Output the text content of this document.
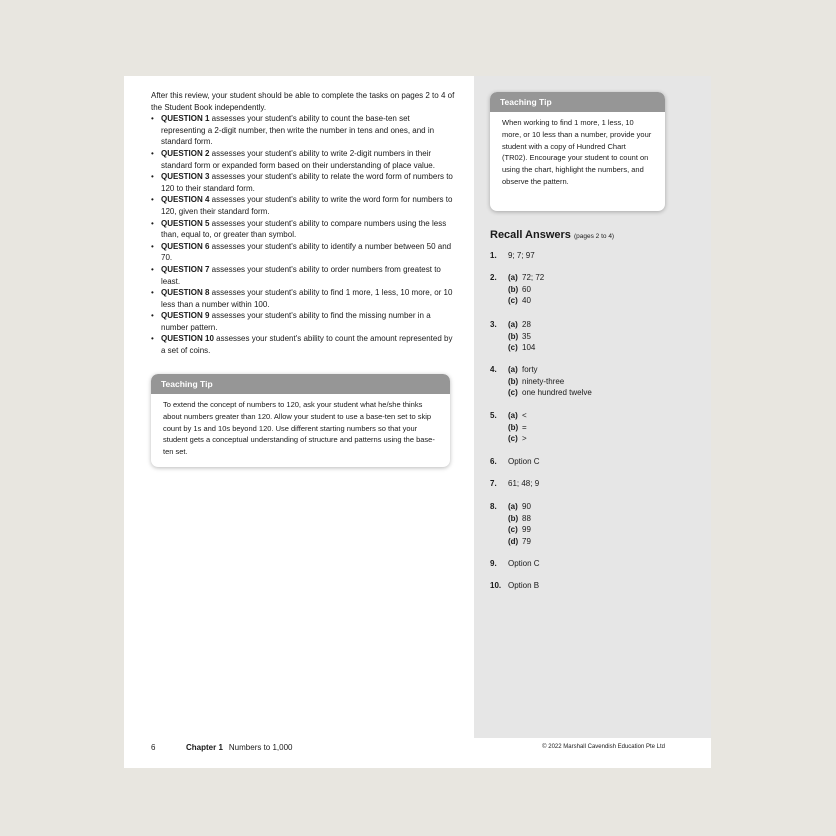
After this review, your student should be able to complete the tasks on pages 2 to 4 of the Student Book independently.

• QUESTION 1 assesses your student's ability to count the base-ten set representing a 2-digit number, then write the number in tens and ones, and in standard form.
• QUESTION 2 assesses your student's ability to write 2-digit numbers in their standard form or expanded form based on their understanding of place value.
• QUESTION 3 assesses your student's ability to relate the word form of numbers to 120 to their standard form.
• QUESTION 4 assesses your student's ability to write the word form for numbers to 120, given their standard form.
• QUESTION 5 assesses your student's ability to compare numbers using the less than, equal to, or greater than symbol.
• QUESTION 6 assesses your student's ability to identify a number between 50 and 70.
• QUESTION 7 assesses your student's ability to order numbers from greatest to least.
• QUESTION 8 assesses your student's ability to find 1 more, 1 less, 10 more, or 10 less than a number within 100.
• QUESTION 9 assesses your student's ability to find the missing number in a number pattern.
• QUESTION 10 assesses your student's ability to count the amount represented by a set of coins.
Teaching Tip
To extend the concept of numbers to 120, ask your student what he/she thinks about numbers greater than 120. Allow your student to use a base-ten set to skip count by 1s and 10s beyond 120. Use different starting numbers so that your student gets a conceptual understanding of structure and patterns using the base-ten set.
Teaching Tip
When working to find 1 more, 1 less, 10 more, or 10 less than a number, provide your student with a copy of Hundred Chart (TR02). Encourage your student to count on using the chart, highlight the numbers, and observe the pattern.
Recall Answers (pages 2 to 4)
1.	9; 7; 97
2.	(a) 72; 72
(b) 60
(c) 40
3.	(a) 28
(b) 35
(c) 104
4.	(a) forty
(b) ninety-three
(c) one hundred twelve
5.	(a) <
(b) =
(c) >
6.	Option C
7.	61; 48; 9
8.	(a) 90
(b) 88
(c) 99
(d) 79
9.	Option C
10. Option B
6	Chapter 1 Numbers to 1,000	© 2022 Marshall Cavendish Education Pte Ltd
